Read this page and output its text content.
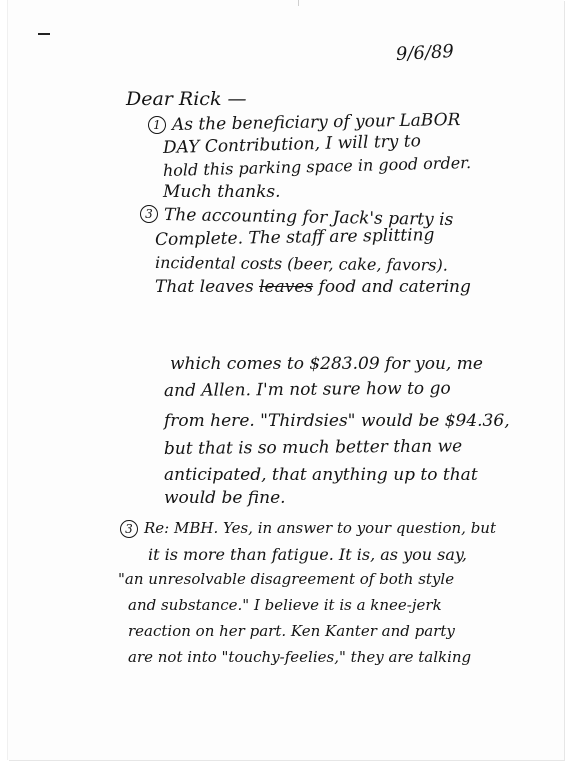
9/6/89
Dear Rick —
1 As the beneficiary of your LaBOR
DAY Contribution, I will try to
hold this parking space in good order.
Much thanks.
3 The accounting for Jack's party is
Complete. The staff are splitting
incidental costs (beer, cake, favors).
That leaves leaves food and catering
which comes to $283.09 for you, me
and Allen. I'm not sure how to go
from here. "Thirdsies" would be $94.36,
but that is so much better than we
anticipated, that anything up to that
would be fine.
3 Re: MBH. Yes, in answer to your question, but
it is more than fatigue. It is, as you say,
"an unresolvable disagreement of both style
and substance." I believe it is a knee-jerk
reaction on her part. Ken Kanter and party
are not into "touchy-feelies," they are talking
